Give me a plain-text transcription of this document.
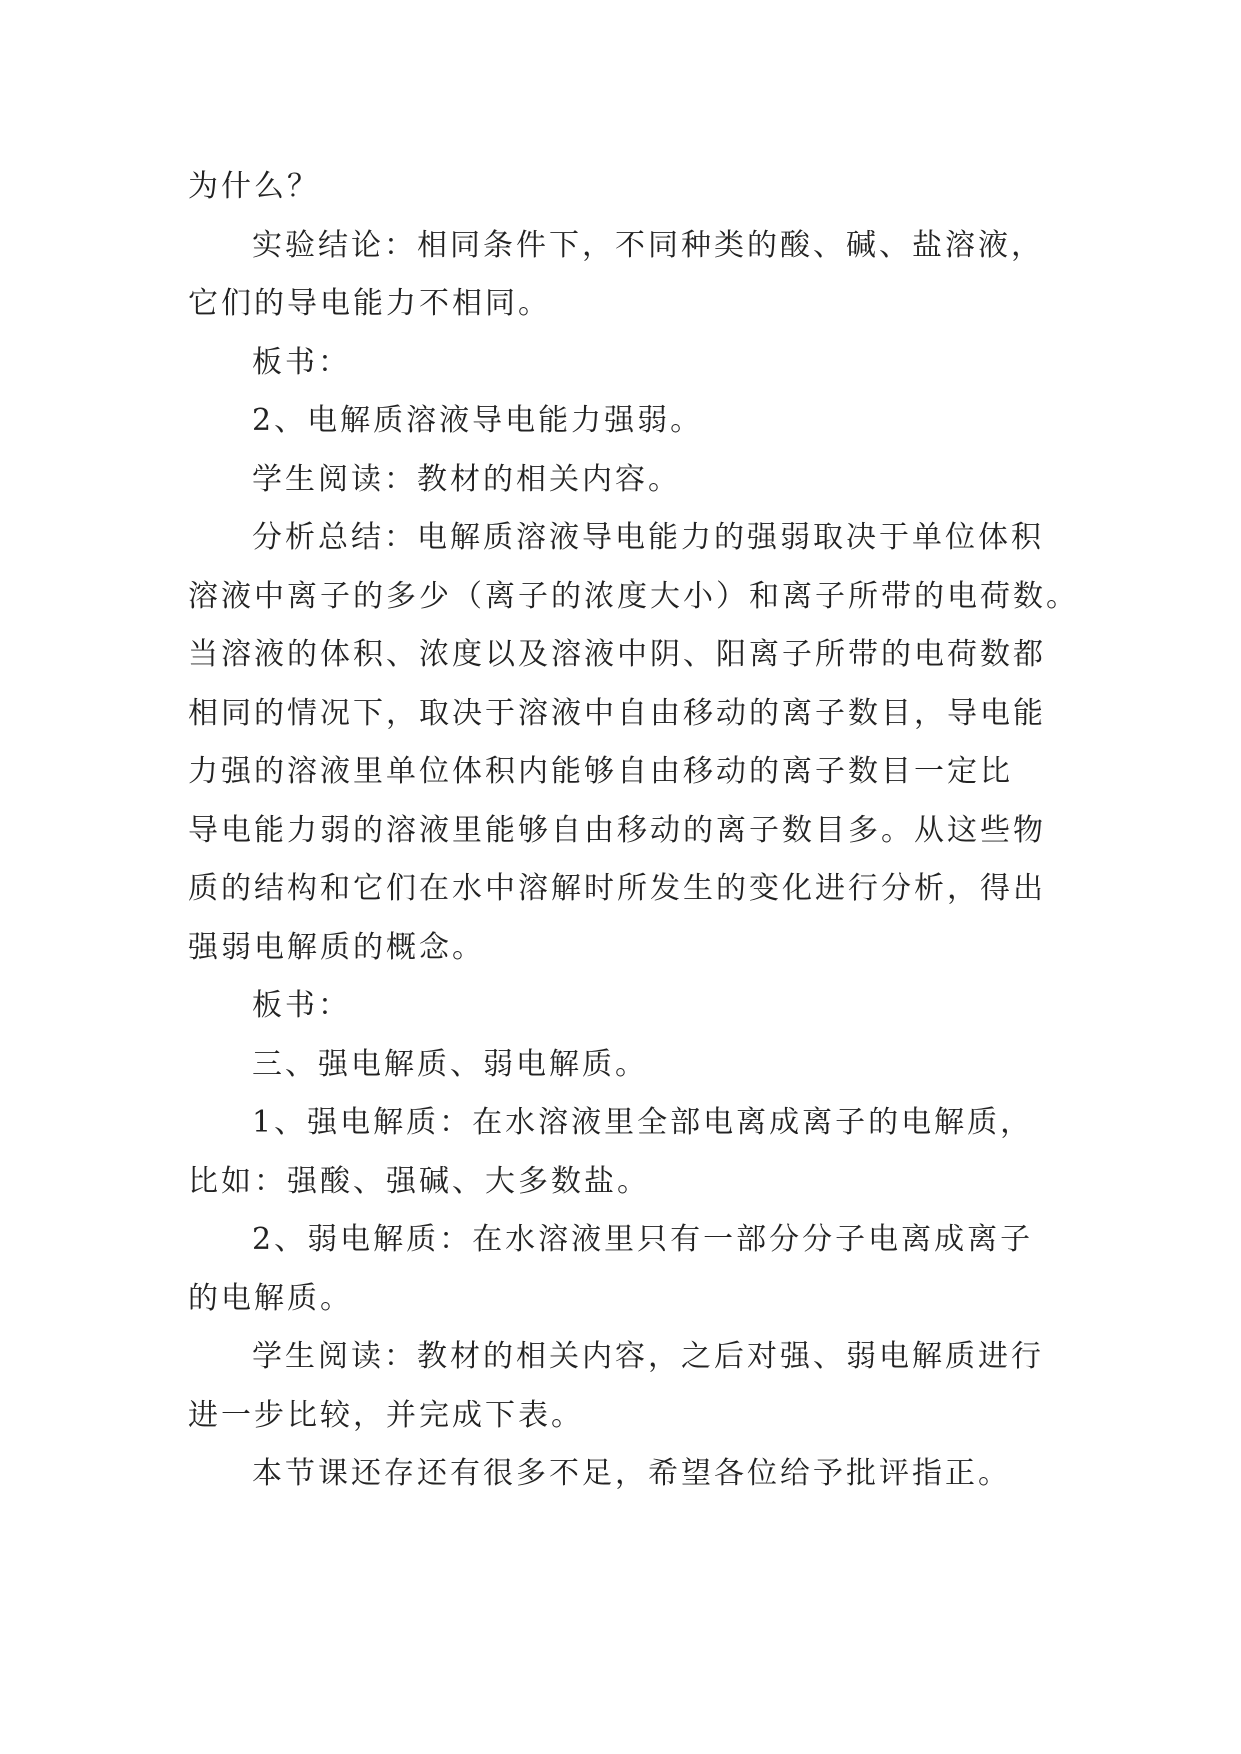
为什么？
实验结论：相同条件下，不同种类的酸、碱、盐溶液，
它们的导电能力不相同。
板书：
2、电解质溶液导电能力强弱。
学生阅读：教材的相关内容。
分析总结：电解质溶液导电能力的强弱取决于单位体积
溶液中离子的多少（离子的浓度大小）和离子所带的电荷数。
当溶液的体积、浓度以及溶液中阴、阳离子所带的电荷数都
相同的情况下，取决于溶液中自由移动的离子数目，导电能
力强的溶液里单位体积内能够自由移动的离子数目一定比
导电能力弱的溶液里能够自由移动的离子数目多。从这些物
质的结构和它们在水中溶解时所发生的变化进行分析，得出
强弱电解质的概念。
板书：
三、强电解质、弱电解质。
1、强电解质：在水溶液里全部电离成离子的电解质，
比如：强酸、强碱、大多数盐。
2、弱电解质：在水溶液里只有一部分分子电离成离子
的电解质。
学生阅读：教材的相关内容，之后对强、弱电解质进行
进一步比较，并完成下表。
本节课还存还有很多不足，希望各位给予批评指正。
